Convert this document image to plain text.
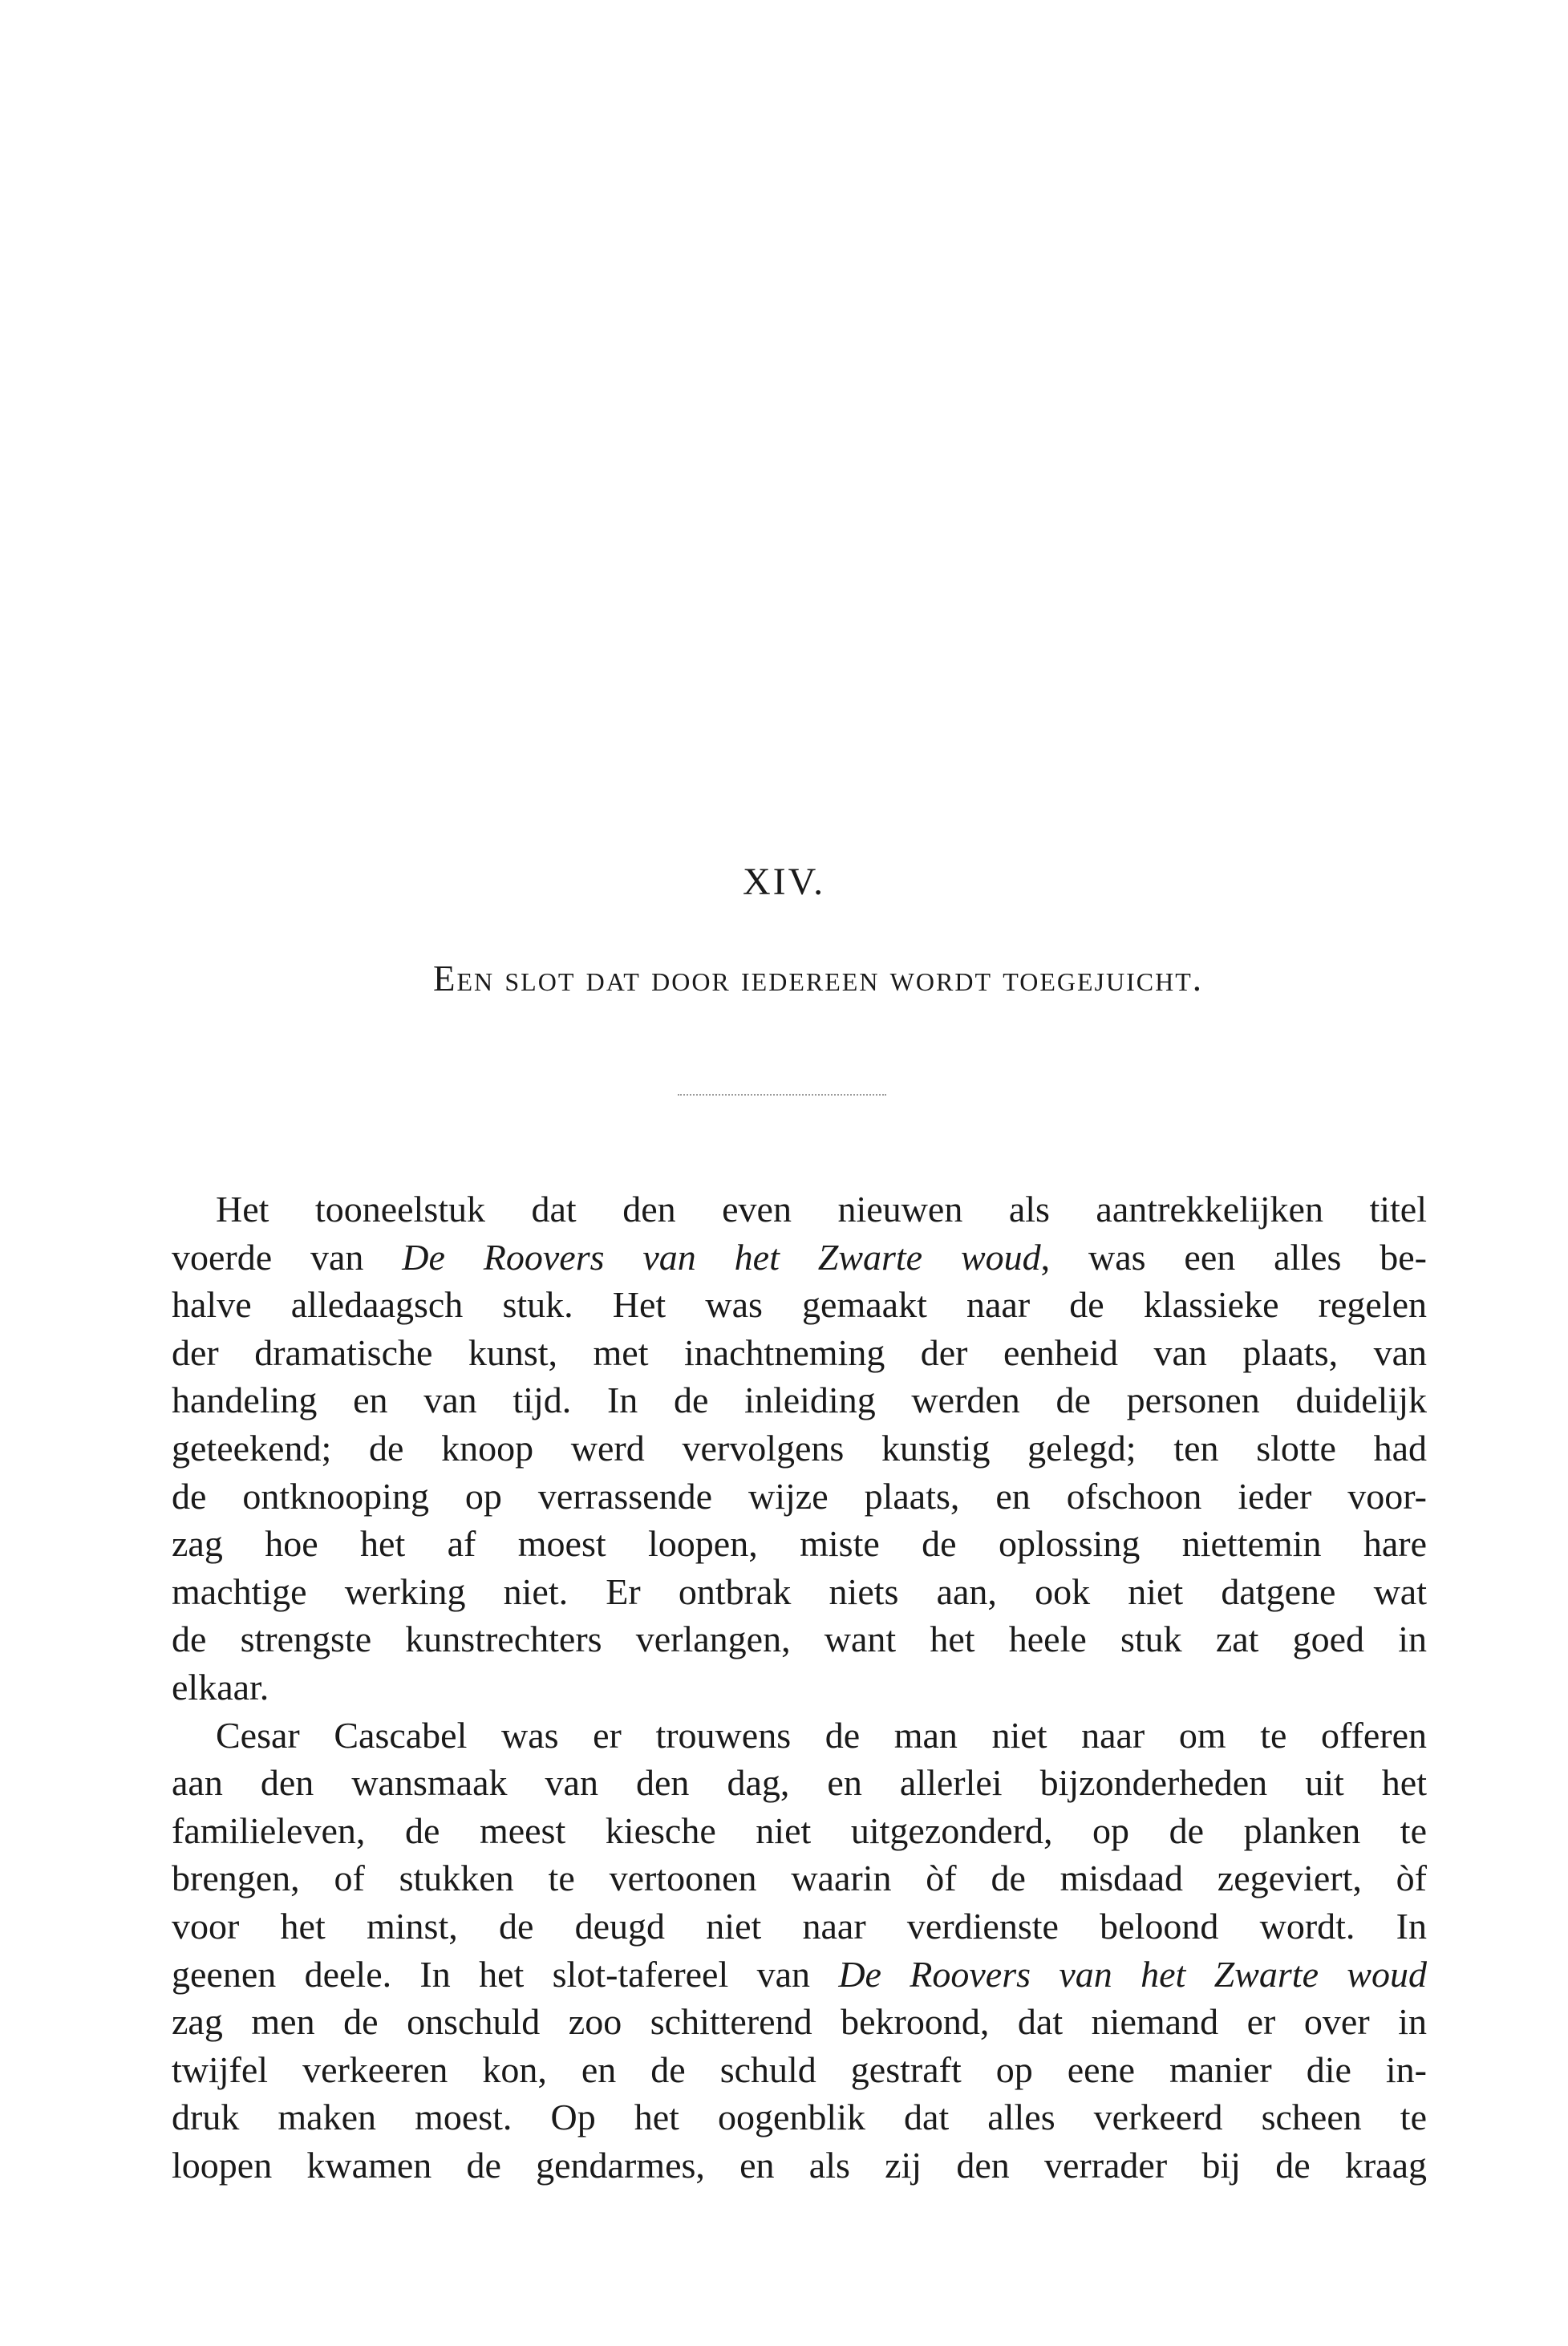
XIV.
Een slot dat door iedereen wordt toegejuicht.
Het tooneelstuk dat den even nieuwen als aantrekkelijken titel
voerde van De Roovers van het Zwarte woud, was een alles be-
halve alledaagsch stuk. Het was gemaakt naar de klassieke regelen
der dramatische kunst, met inachtneming der eenheid van plaats, van
handeling en van tijd. In de inleiding werden de personen duidelijk
geteekend; de knoop werd vervolgens kunstig gelegd; ten slotte had
de ontknooping op verrassende wijze plaats, en ofschoon ieder voor-
zag hoe het af moest loopen, miste de oplossing niettemin hare
machtige werking niet. Er ontbrak niets aan, ook niet datgene wat
de strengste kunstrechters verlangen, want het heele stuk zat goed in
elkaar.
Cesar Cascabel was er trouwens de man niet naar om te offeren
aan den wansmaak van den dag, en allerlei bijzonderheden uit het
familieleven, de meest kiesche niet uitgezonderd, op de planken te
brengen, of stukken te vertoonen waarin òf de misdaad zegeviert, òf
voor het minst, de deugd niet naar verdienste beloond wordt. In
geenen deele. In het slot-tafereel van De Roovers van het Zwarte woud
zag men de onschuld zoo schitterend bekroond, dat niemand er over in
twijfel verkeeren kon, en de schuld gestraft op eene manier die in-
druk maken moest. Op het oogenblik dat alles verkeerd scheen te
loopen kwamen de gendarmes, en als zij den verrader bij de kraag
